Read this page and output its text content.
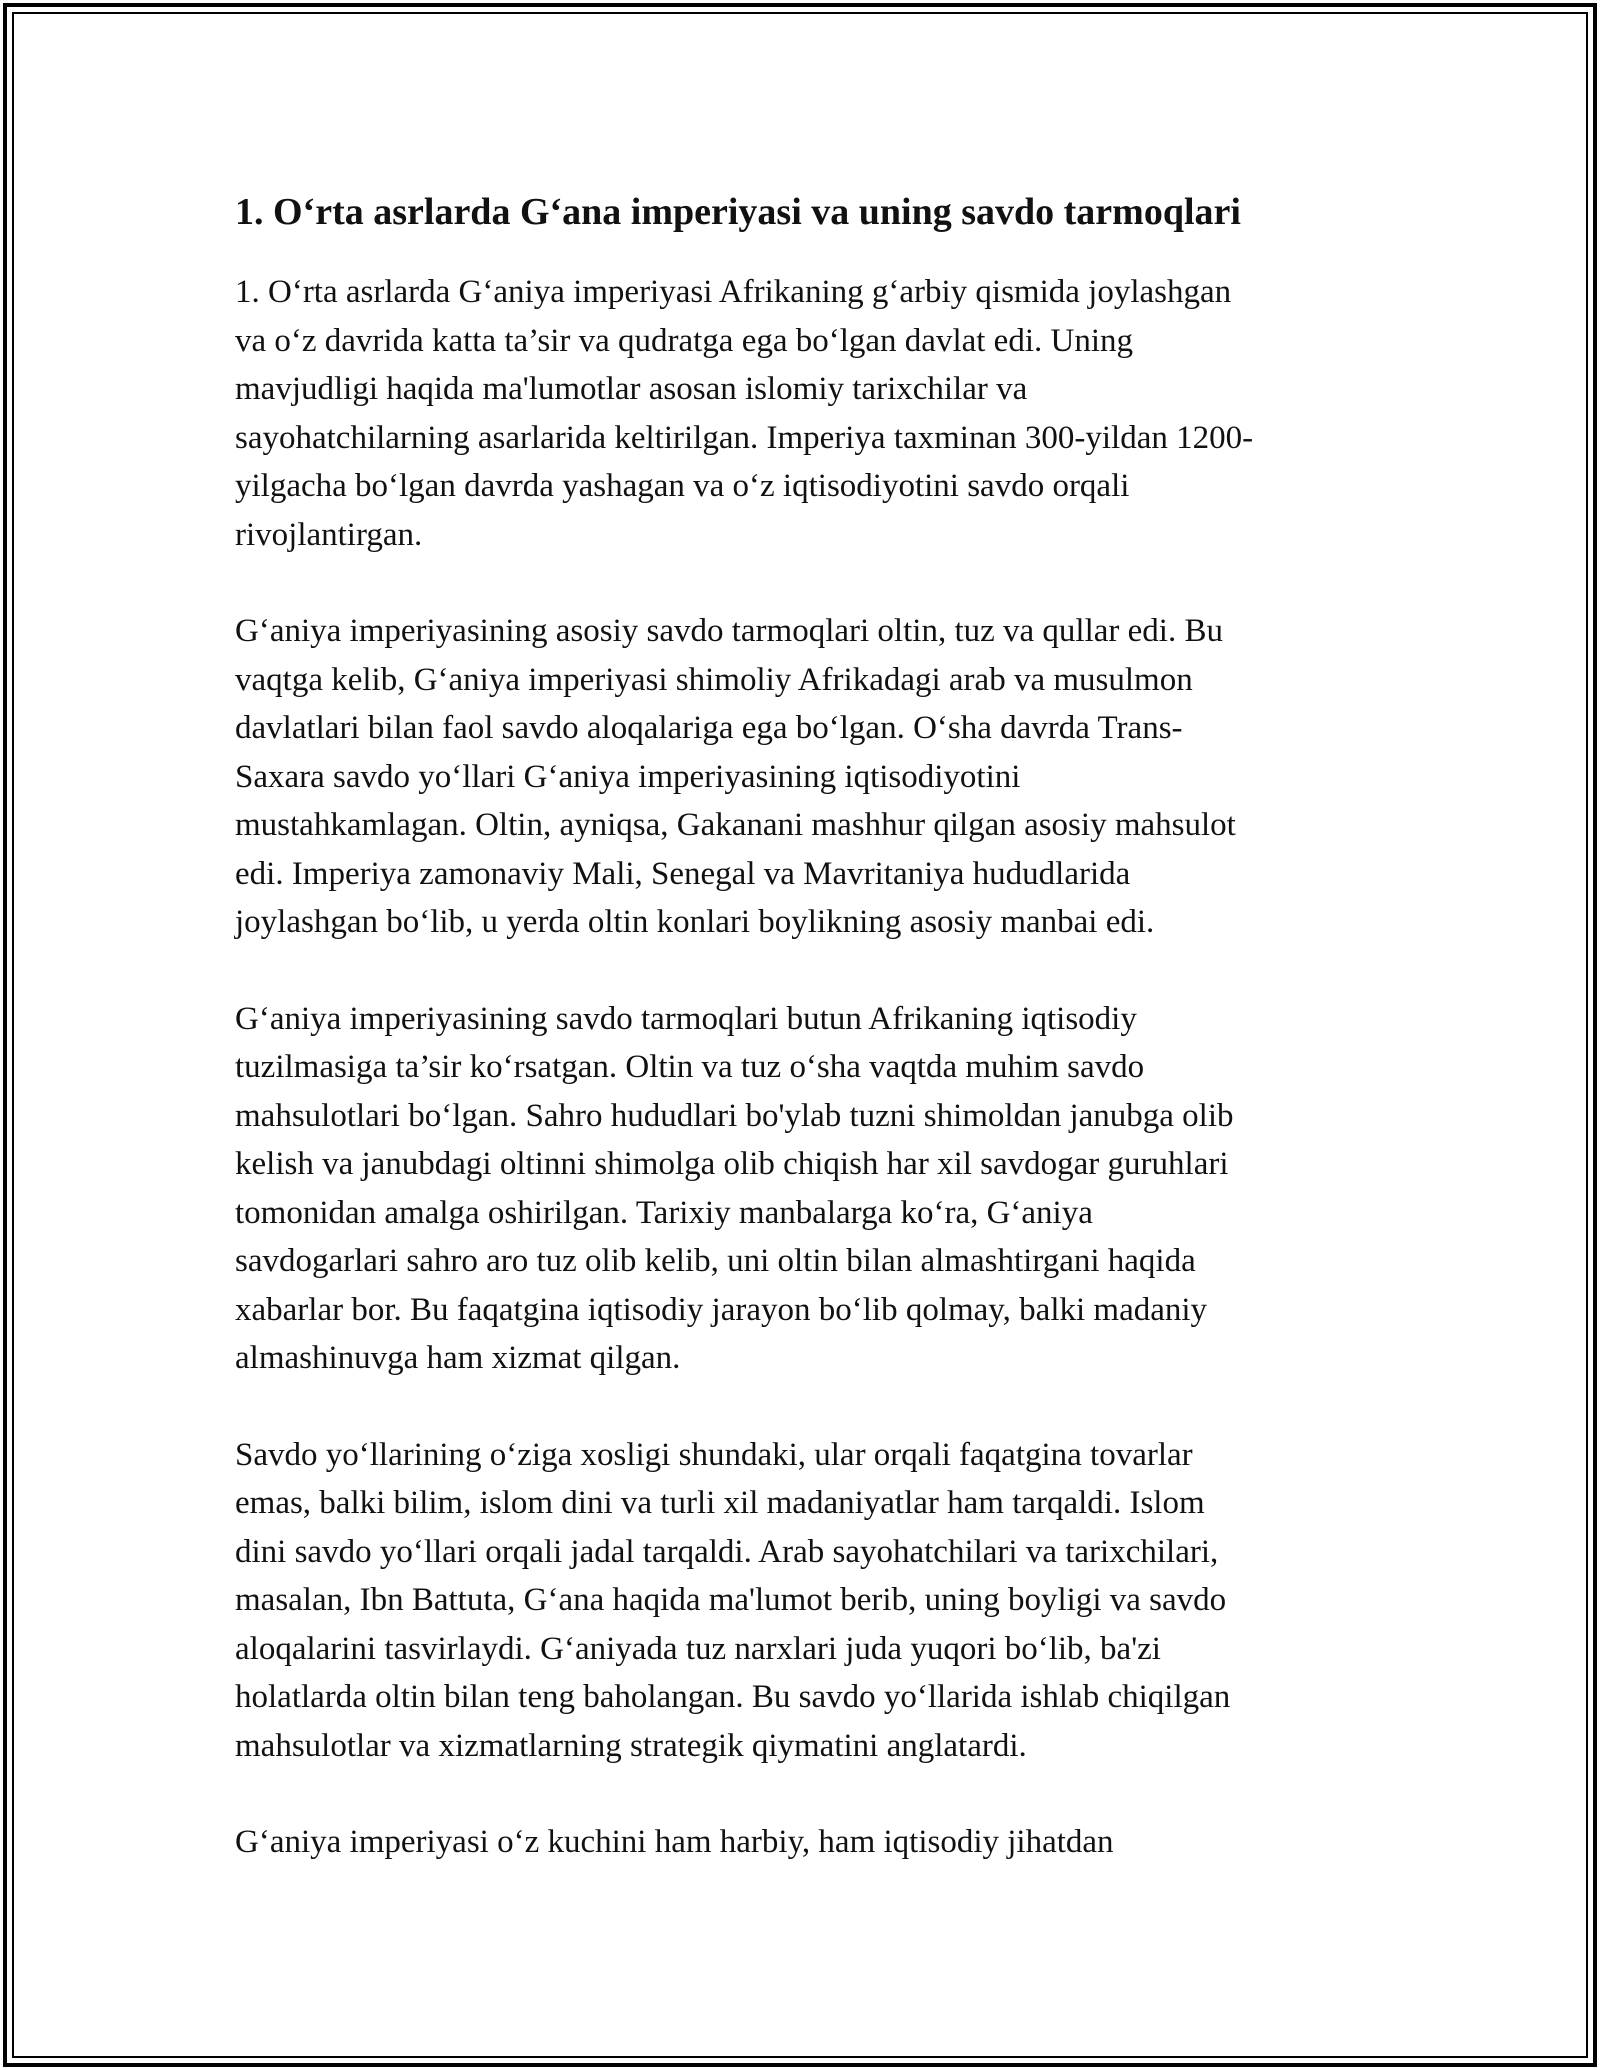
1. O‘rta asrlarda G‘ana imperiyasi va uning savdo tarmoqlari

1. O‘rta asrlarda G‘aniya imperiyasi Afrikaning g‘arbiy qismida joylashgan
va o‘z davrida katta ta’sir va qudratga ega bo‘lgan davlat edi. Uning
mavjudligi haqida ma'lumotlar asosan islomiy tarixchilar va
sayohatchilarning asarlarida keltirilgan. Imperiya taxminan 300-yildan 1200-
yilgacha bo‘lgan davrda yashagan va o‘z iqtisodiyotini savdo orqali
rivojlantirgan.

G‘aniya imperiyasining asosiy savdo tarmoqlari oltin, tuz va qullar edi. Bu
vaqtga kelib, G‘aniya imperiyasi shimoliy Afrikadagi arab va musulmon
davlatlari bilan faol savdo aloqalariga ega bo‘lgan. O‘sha davrda Trans-
Saxara savdo yo‘llari G‘aniya imperiyasining iqtisodiyotini
mustahkamlagan. Oltin, ayniqsa, Gakanani mashhur qilgan asosiy mahsulot
edi. Imperiya zamonaviy Mali, Senegal va Mavritaniya hududlarida
joylashgan bo‘lib, u yerda oltin konlari boylikning asosiy manbai edi.

G‘aniya imperiyasining savdo tarmoqlari butun Afrikaning iqtisodiy
tuzilmasiga ta’sir ko‘rsatgan. Oltin va tuz o‘sha vaqtda muhim savdo
mahsulotlari bo‘lgan. Sahro hududlari bo'ylab tuzni shimoldan janubga olib
kelish va janubdagi oltinni shimolga olib chiqish har xil savdogar guruhlari
tomonidan amalga oshirilgan. Tarixiy manbalarga ko‘ra, G‘aniya
savdogarlari sahro aro tuz olib kelib, uni oltin bilan almashtirgani haqida
xabarlar bor. Bu faqatgina iqtisodiy jarayon bo‘lib qolmay, balki madaniy
almashinuvga ham xizmat qilgan.

Savdo yo‘llarining o‘ziga xosligi shundaki, ular orqali faqatgina tovarlar
emas, balki bilim, islom dini va turli xil madaniyatlar ham tarqaldi. Islom
dini savdo yo‘llari orqali jadal tarqaldi. Arab sayohatchilari va tarixchilari,
masalan, Ibn Battuta, G‘ana haqida ma'lumot berib, uning boyligi va savdo
aloqalarini tasvirlaydi. G‘aniyada tuz narxlari juda yuqori bo‘lib, ba'zi
holatlarda oltin bilan teng baholangan. Bu savdo yo‘llarida ishlab chiqilgan
mahsulotlar va xizmatlarning strategik qiymatini anglatardi.

G‘aniya imperiyasi o‘z kuchini ham harbiy, ham iqtisodiy jihatdan
